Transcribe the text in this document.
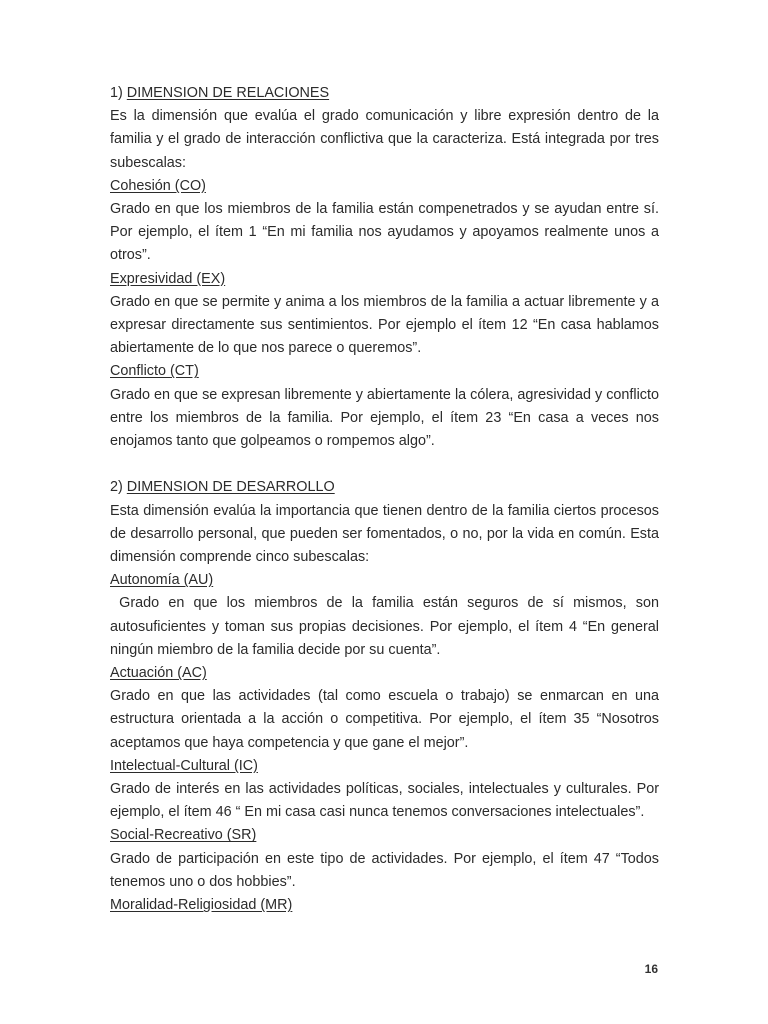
1) DIMENSION DE RELACIONES
Es la dimensión que evalúa el grado comunicación y libre expresión dentro de la
familia y el grado de interacción conflictiva que la caracteriza. Está integrada por tres
subescalas:
Cohesión (CO)
Grado en que los miembros de la familia están compenetrados y se ayudan entre sí.
Por ejemplo, el ítem 1 “En mi familia nos ayudamos y apoyamos realmente unos a
otros”.
Expresividad (EX)
Grado en que se permite y anima a los miembros de la familia a actuar libremente y a
expresar directamente sus sentimientos. Por ejemplo el ítem 12 “En casa hablamos
abiertamente de lo que nos parece o queremos”.
Conflicto (CT)
Grado en que se expresan libremente y abiertamente la cólera, agresividad y conflicto
entre los miembros de la familia. Por ejemplo, el ítem 23 “En casa a veces nos
enojamos tanto que golpeamos o rompemos algo”.
2) DIMENSION DE DESARROLLO
Esta dimensión evalúa la importancia que tienen dentro de la familia ciertos procesos
de desarrollo personal, que pueden ser fomentados, o no, por la vida en común. Esta
dimensión comprende cinco subescalas:
Autonomía (AU)
Grado en que los miembros de la familia están seguros de sí mismos, son
autosuficientes y toman sus propias decisiones. Por ejemplo, el ítem 4 “En general
ningún miembro de la familia decide por su cuenta”.
Actuación (AC)
Grado en que las actividades (tal como escuela o trabajo) se enmarcan en una
estructura orientada a la acción o competitiva. Por ejemplo, el ítem 35 “Nosotros
aceptamos que haya competencia y que gane el mejor”.
Intelectual-Cultural (IC)
Grado de interés en las actividades políticas, sociales, intelectuales y culturales. Por
ejemplo, el ítem 46 “ En mi casa casi nunca tenemos conversaciones intelectuales”.
Social-Recreativo (SR)
Grado de participación en este tipo de actividades. Por ejemplo, el ítem 47 “Todos
tenemos uno o dos hobbies”.
Moralidad-Religiosidad (MR)
16
